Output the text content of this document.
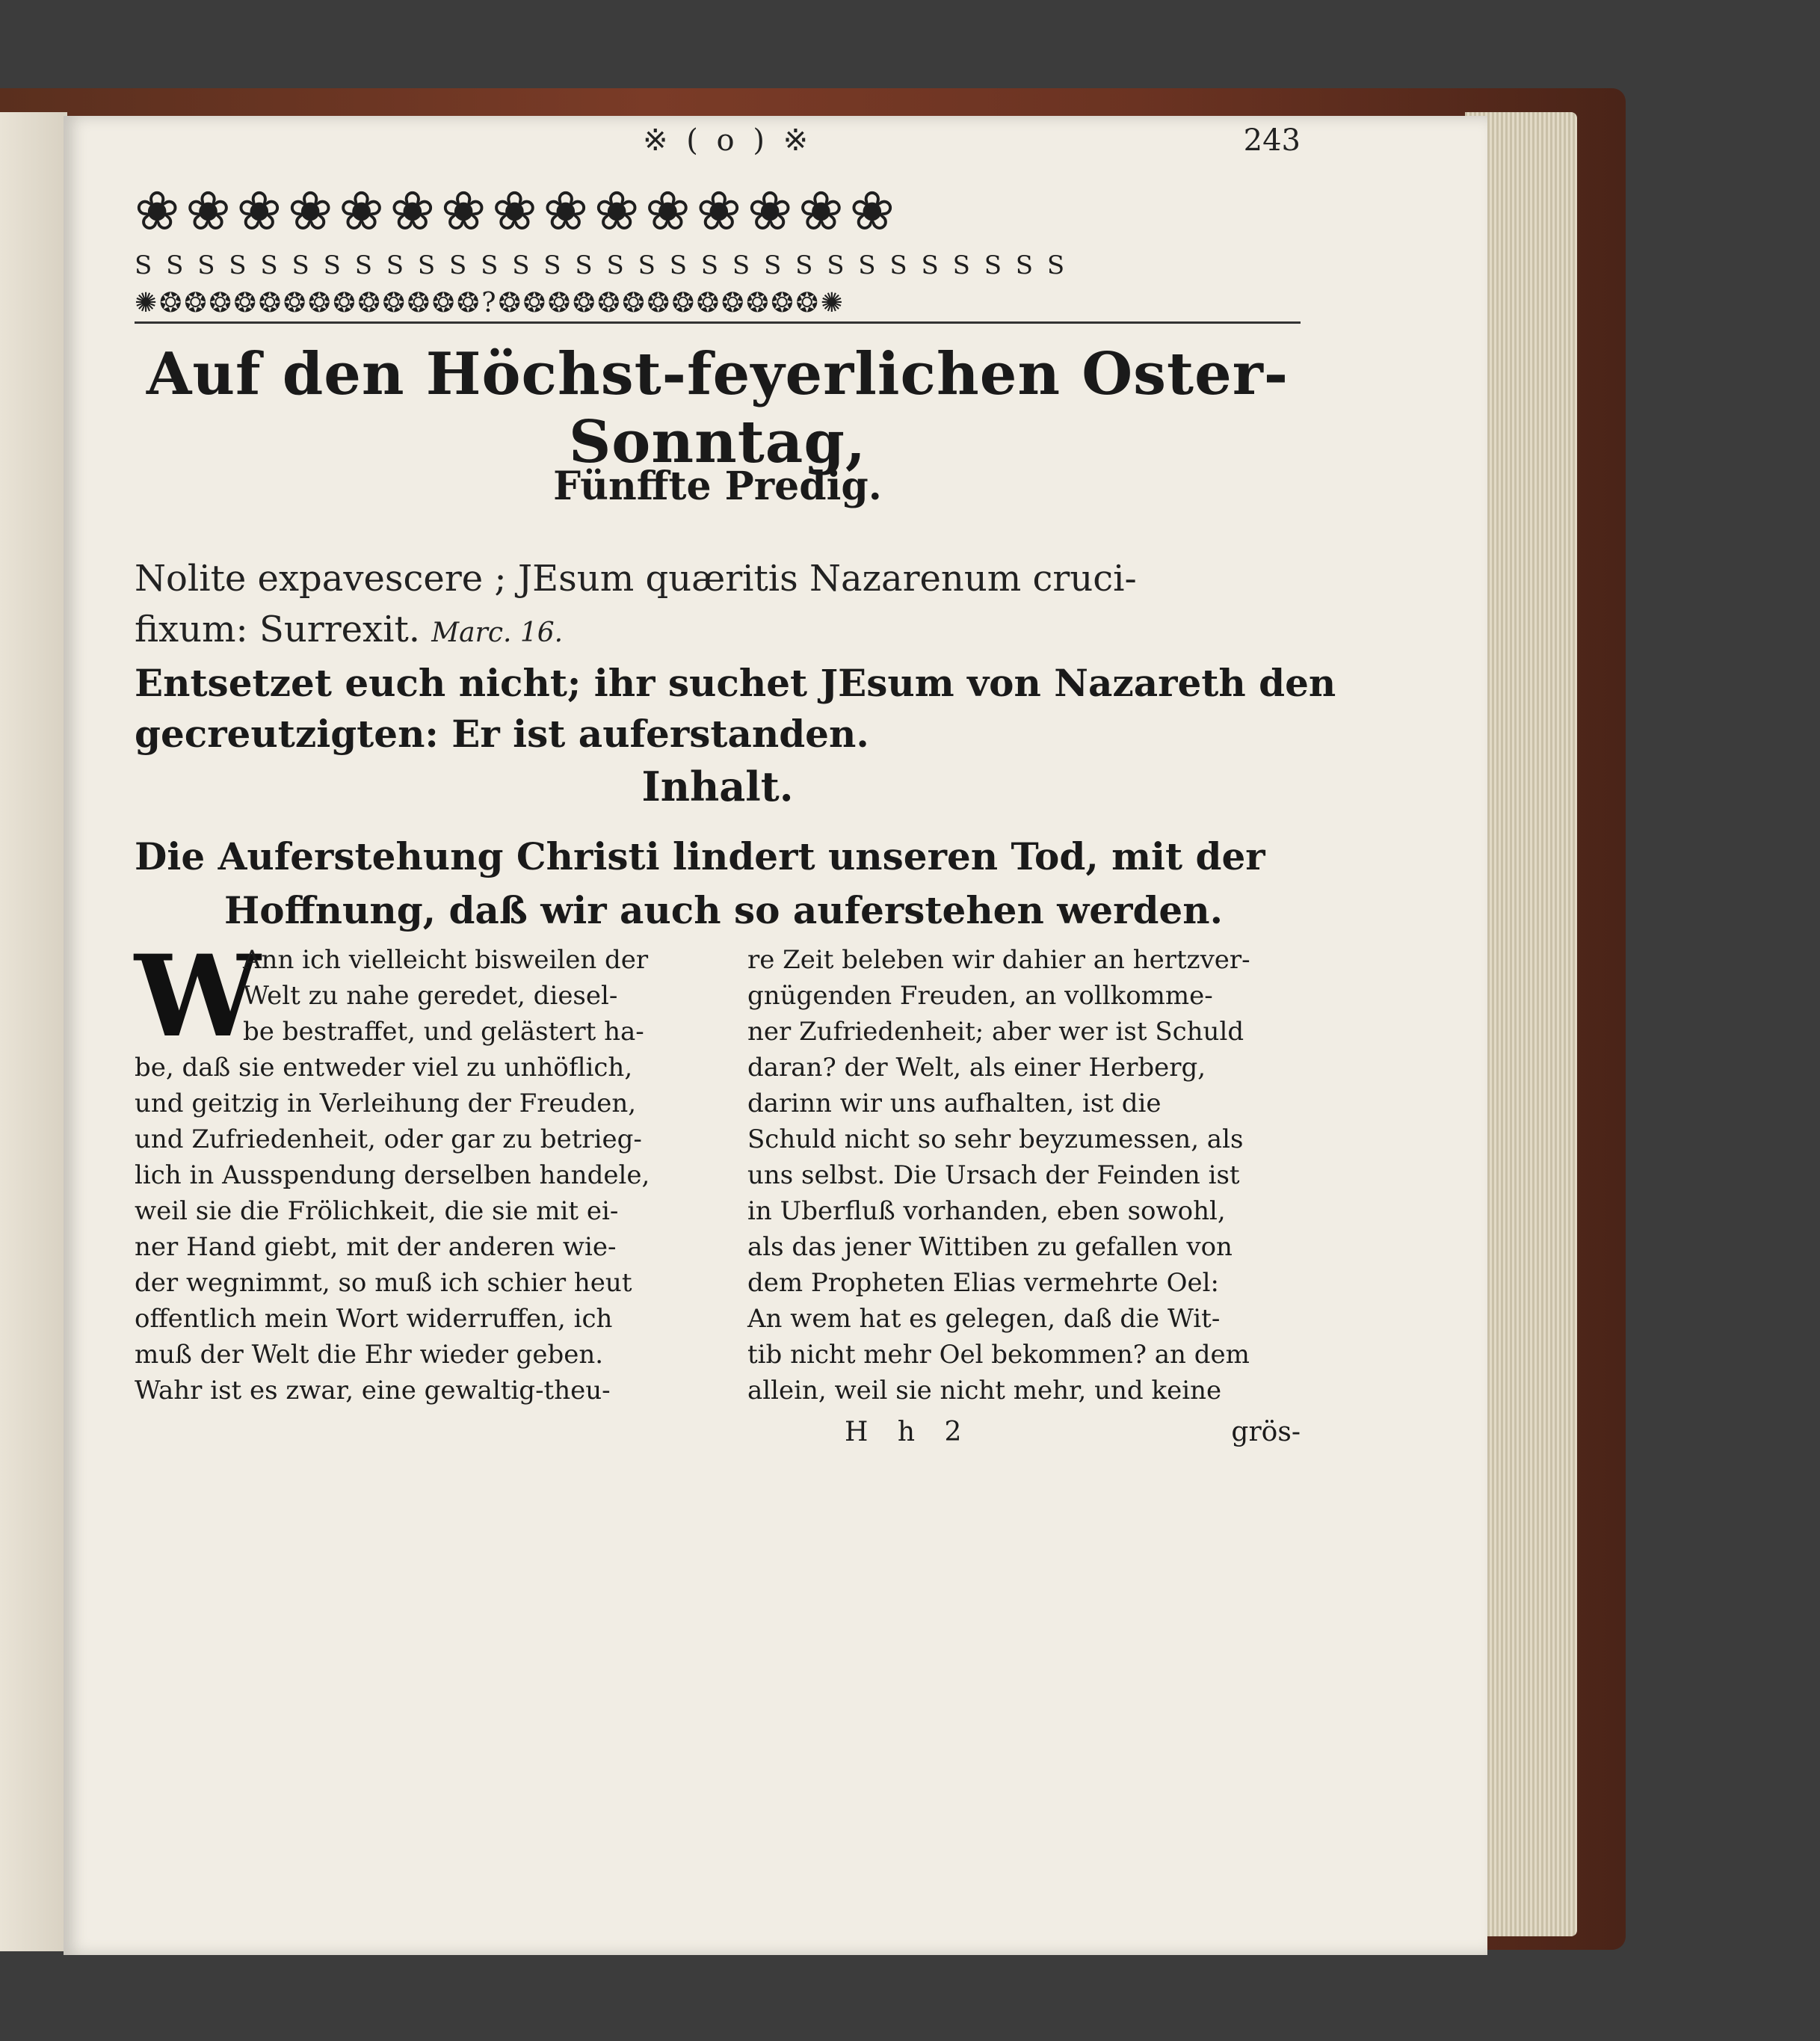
※ ( o ) ※	243
❀❀❀❀❀❀❀❀❀❀❀❀❀❀❀
S S S S S S S S S S S S S S S S S S S S S S S S S S S S S S
✺❂❂❂❂❂❂❂❂❂❂❂❂❂?❂❂❂❂❂❂❂❂❂❂❂❂❂✺
Auf den Höchst-feyerlichen Oster-Sonntag,
Fünffte Predig.
Nolite expavescere ; JEsum quæritis Nazarenum cruci-
fixum: Surrexit. Marc. 16.
Entsetzet euch nicht; ihr suchet JEsum von Nazareth den
gecreutzigten: Er ist auferstanden.
Inhalt.
Die Auferstehung Christi lindert unseren Tod, mit der
Hoffnung, daß wir auch so auferstehen werden.
W
Ann ich vielleicht bisweilen der
Welt zu nahe geredet, diesel-
be bestraffet, und gelästert ha-
be, daß sie entweder viel zu unhöflich,
und geitzig in Verleihung der Freuden,
und Zufriedenheit, oder gar zu betrieg-
lich in Ausspendung derselben handele,
weil sie die Frölichkeit, die sie mit ei-
ner Hand giebt, mit der anderen wie-
der wegnimmt, so muß ich schier heut
offentlich mein Wort widerruffen, ich
muß der Welt die Ehr wieder geben.
Wahr ist es zwar, eine gewaltig-theu-
re Zeit beleben wir dahier an hertzver-
gnügenden Freuden, an vollkomme-
ner Zufriedenheit; aber wer ist Schuld
daran? der Welt, als einer Herberg,
darinn wir uns aufhalten, ist die
Schuld nicht so sehr beyzumessen, als
uns selbst. Die Ursach der Feinden ist
in Uberfluß vorhanden, eben sowohl,
als das jener Wittiben zu gefallen von
dem Propheten Elias vermehrte Oel:
An wem hat es gelegen, daß die Wit-
tib nicht mehr Oel bekommen? an dem
allein, weil sie nicht mehr, und keine
H h 2	grös-
